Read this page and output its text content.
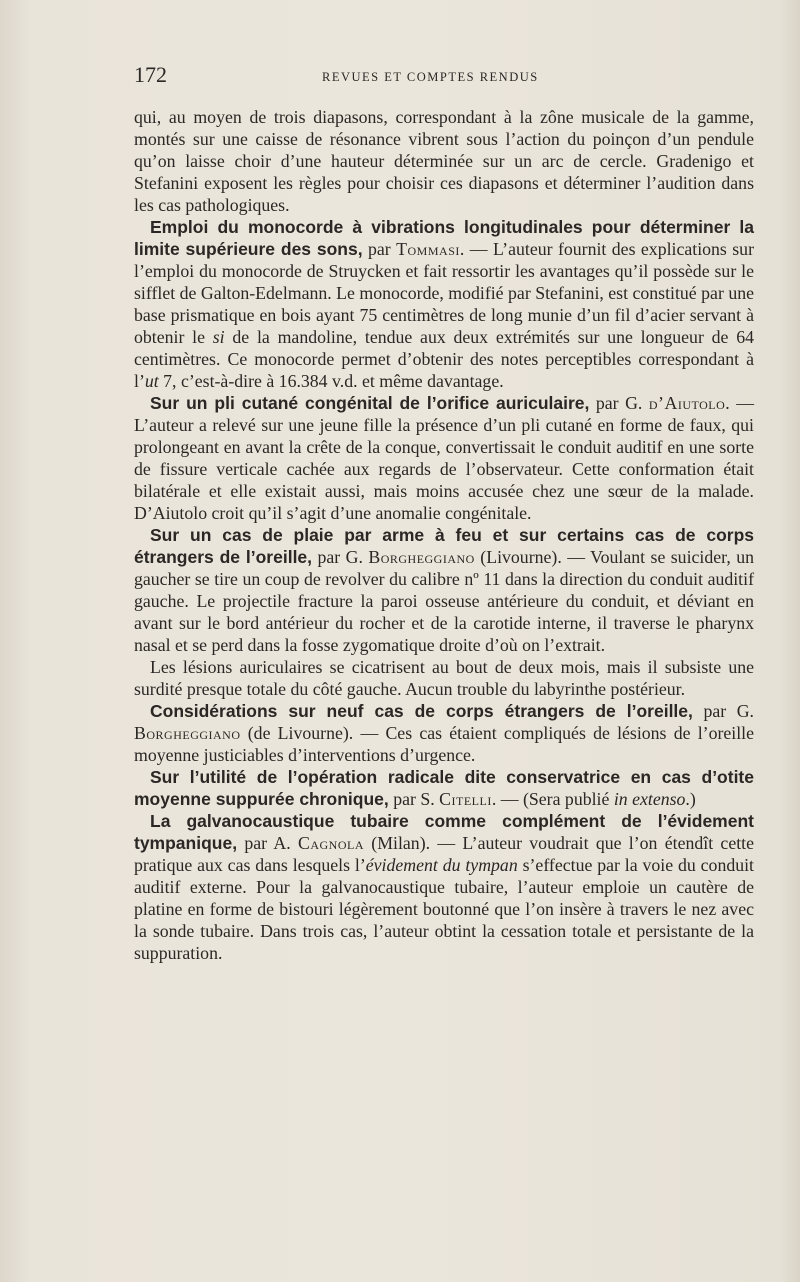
172	REVUES ET COMPTES RENDUS

qui, au moyen de trois diapasons, correspondant à la zône musicale de la gamme, montés sur une caisse de résonance vibrent sous l’action du poinçon d’un pendule qu’on laisse choir d’une hauteur déterminée sur un arc de cercle. Gradenigo et Stefanini exposent les règles pour choisir ces diapasons et déterminer l’audition dans les cas pathologiques.

Emploi du monocorde à vibrations longitudinales pour déterminer la limite supérieure des sons, par Tommasi. — L’auteur fournit des explications sur l’emploi du monocorde de Struycken et fait ressortir les avantages qu’il possède sur le sifflet de Galton-Edelmann. Le monocorde, modifié par Stefanini, est constitué par une base prismatique en bois ayant 75 centimètres de long munie d’un fil d’acier servant à obtenir le si de la mandoline, tendue aux deux extrémités sur une longueur de 64 centimètres. Ce monocorde permet d’obtenir des notes perceptibles correspondant à l’ut 7, c’est-à-dire à 16.384 v.d. et même davantage.

Sur un pli cutané congénital de l’orifice auriculaire, par G. d’Aiutolo. — L’auteur a relevé sur une jeune fille la présence d’un pli cutané en forme de faux, qui prolongeant en avant la crête de la conque, convertissait le conduit auditif en une sorte de fissure verticale cachée aux regards de l’observateur. Cette conformation était bilatérale et elle existait aussi, mais moins accusée chez une sœur de la malade. D’Aiutolo croit qu’il s’agit d’une anomalie congénitale.

Sur un cas de plaie par arme à feu et sur certains cas de corps étrangers de l’oreille, par G. Borgheggiano (Livourne). — Voulant se suicider, un gaucher se tire un coup de revolver du calibre nº 11 dans la direction du conduit auditif gauche. Le projectile fracture la paroi osseuse antérieure du conduit, et déviant en avant sur le bord antérieur du rocher et de la carotide interne, il traverse le pharynx nasal et se perd dans la fosse zygomatique droite d’où on l’extrait.

Les lésions auriculaires se cicatrisent au bout de deux mois, mais il subsiste une surdité presque totale du côté gauche. Aucun trouble du labyrinthe postérieur.

Considérations sur neuf cas de corps étrangers de l’oreille, par G. Borgheggiano (de Livourne). — Ces cas étaient compliqués de lésions de l’oreille moyenne justiciables d’interventions d’urgence.

Sur l’utilité de l’opération radicale dite conservatrice en cas d’otite moyenne suppurée chronique, par S. Citelli. — (Sera publié in extenso.)

La galvanocaustique tubaire comme complément de l’évidement tympanique, par A. Cagnola (Milan). — L’auteur voudrait que l’on étendît cette pratique aux cas dans lesquels l’évidement du tympan s’effectue par la voie du conduit auditif externe. Pour la galvanocaustique tubaire, l’auteur emploie un cautère de platine en forme de bistouri légèrement boutonné que l’on insère à travers le nez avec la sonde tubaire. Dans trois cas, l’auteur obtint la cessation totale et persistante de la suppuration.
